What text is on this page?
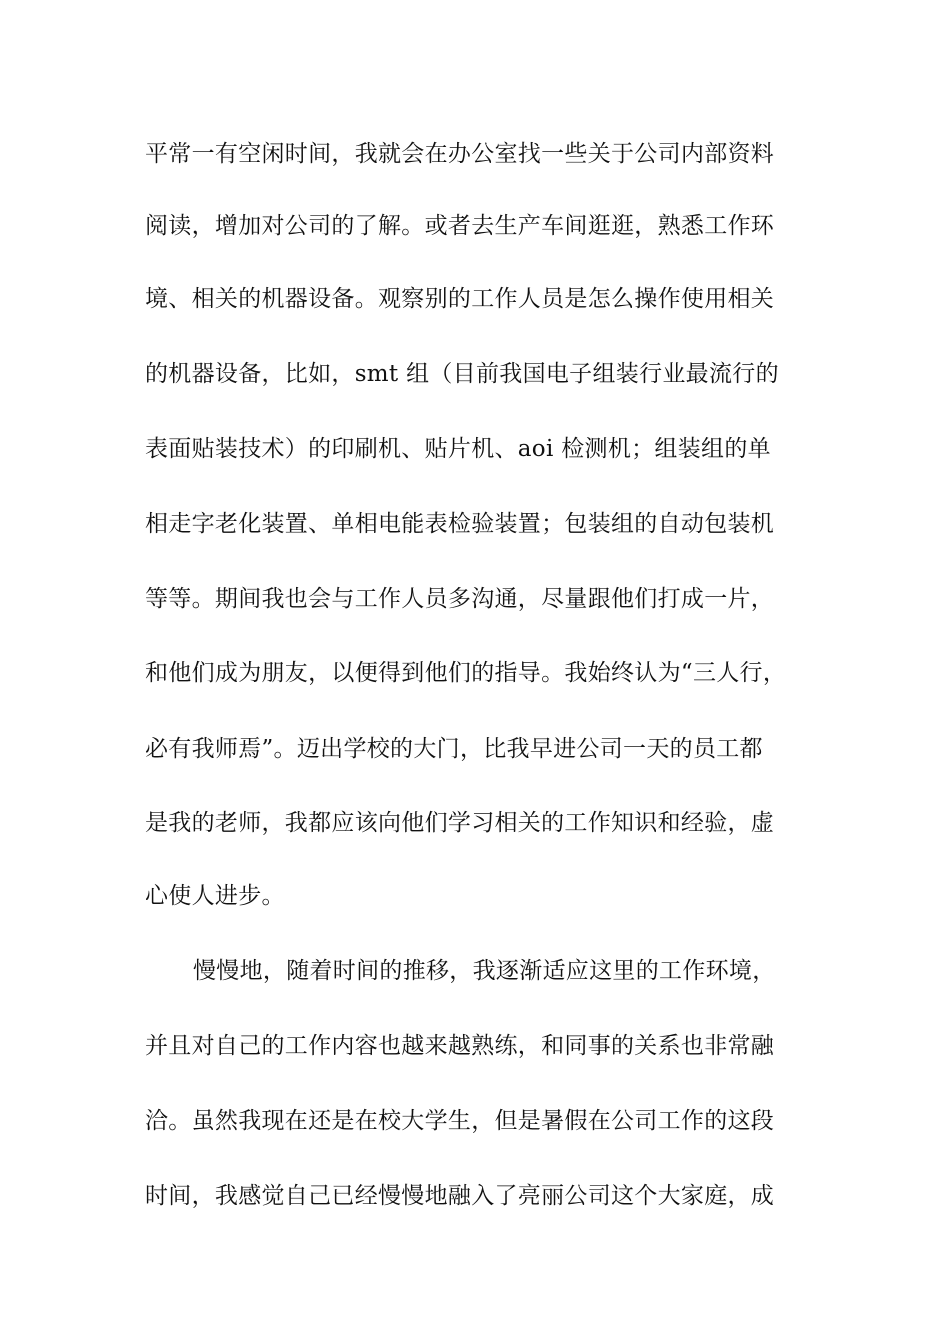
平常一有空闲时间，我就会在办公室找一些关于公司内部资料
阅读，增加对公司的了解。或者去生产车间逛逛，熟悉工作环
境、相关的机器设备。观察别的工作人员是怎么操作使用相关
的机器设备，比如，smt 组（目前我国电子组装行业最流行的
表面贴装技术）的印刷机、贴片机、aoi 检测机；组装组的单
相走字老化装置、单相电能表检验装置；包装组的自动包装机
等等。期间我也会与工作人员多沟通，尽量跟他们打成一片，
和他们成为朋友，以便得到他们的指导。我始终认为“三人行，
必有我师焉”。迈出学校的大门，比我早进公司一天的员工都
是我的老师，我都应该向他们学习相关的工作知识和经验，虚
心使人进步。
慢慢地，随着时间的推移，我逐渐适应这里的工作环境，
并且对自己的工作内容也越来越熟练，和同事的关系也非常融
洽。虽然我现在还是在校大学生，但是暑假在公司工作的这段
时间，我感觉自己已经慢慢地融入了亮丽公司这个大家庭，成
